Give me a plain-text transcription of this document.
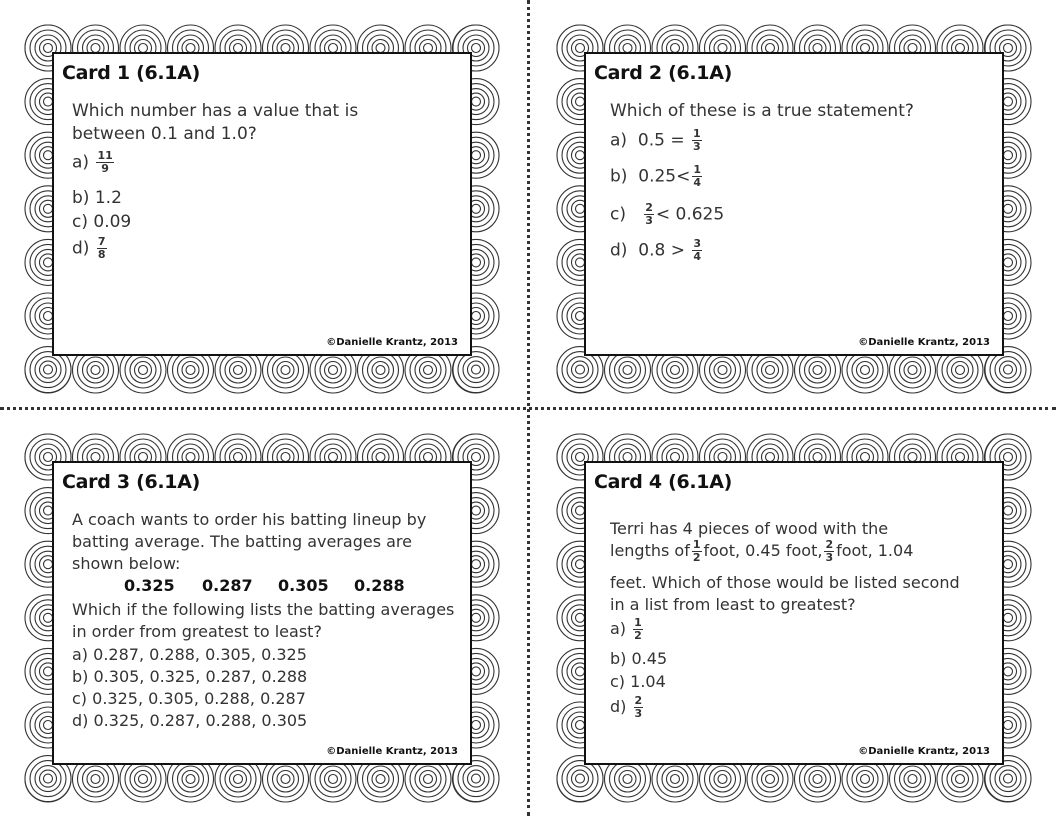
Card 1 (6.1A)
Which number has a value that is between 0.1 and 1.0?
$a) \frac{11}{9}$
b) 1.2
c) 0.09
$d) \frac{7}{8}$
©Danielle Krantz, 2013
Card 2 (6.1A)
Which of these is a true statement?
a) $0.5 = \frac{1}{3}$
b) $0.25< \frac{1}{4}$
$c) \frac{2}{3} < 0.625$
d) $0.8 > \frac{3}{4}$
©Danielle Krantz, 2013
Card 3 (6.1A)
A coach wants to order his batting lineup by batting average. The batting averages are shown below:
0.325 0.287 0.305 0.288
Which if the following lists the batting averages in order from greatest to least?
a) 0.287, 0.288, 0.305, 0.325
b) 0.305, 0.325, 0.287, 0.288
c) 0.325, 0.305, 0.288, 0.287
d) 0.325, 0.287, 0.288, 0.305
©Danielle Krantz, 2013
Card 4 (6.1A)
Terri has 4 pieces of wood with the
lengths of $\frac{1}{2}$ foot, 0.45 foot, $\frac{2}{3}$ foot, 1.04
feet. Which of those would be listed second
in a list from least to greatest?
$a) \frac{1}{2}$
b) 0.45
c) 1.04
$d) \frac{2}{3}$
©Danielle Krantz, 2013
